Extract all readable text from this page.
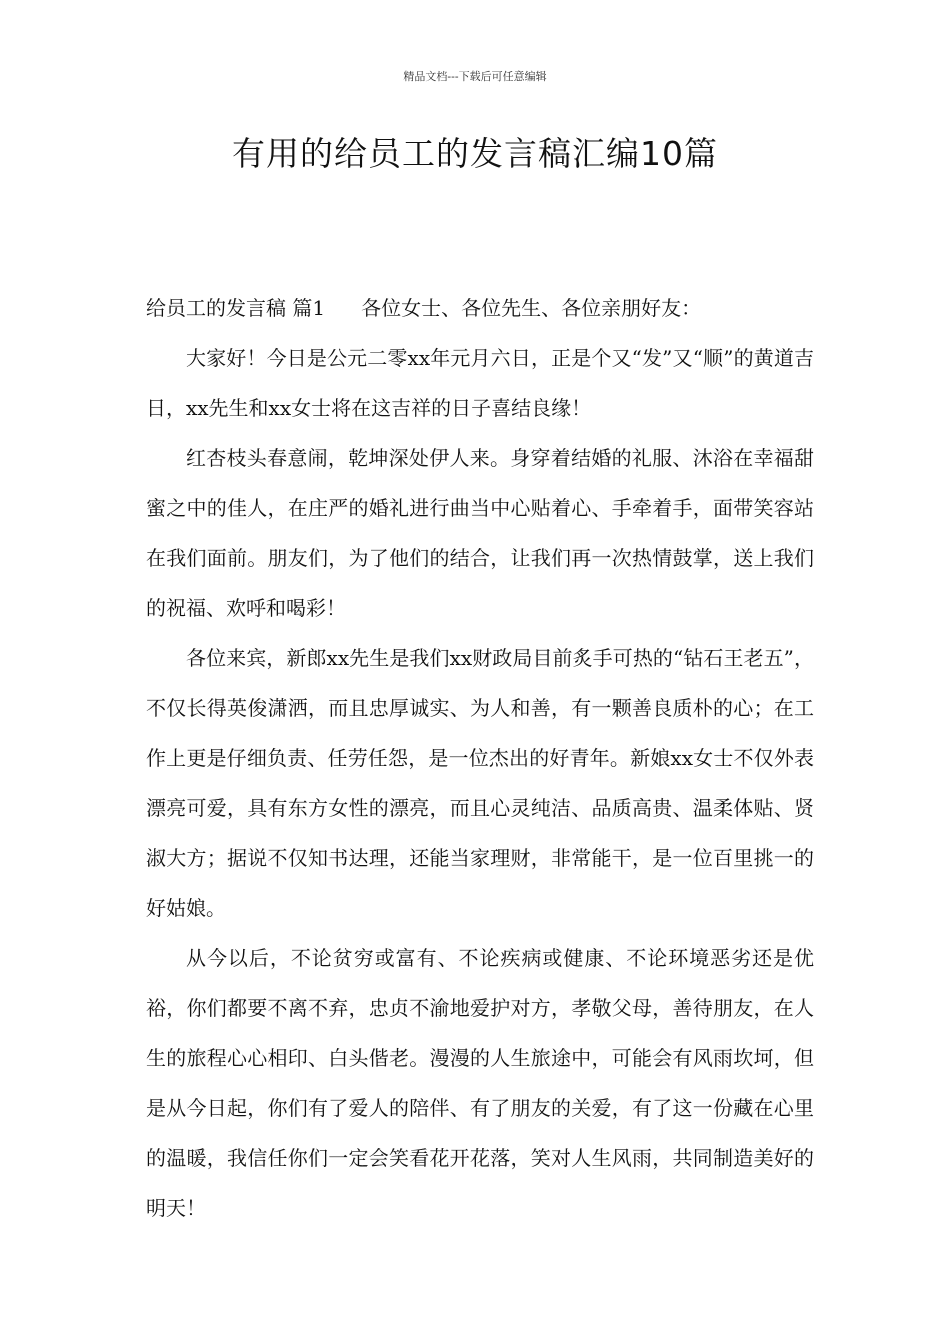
精品文档---下载后可任意编辑
有用的给员工的发言稿汇编10篇

给员工的发言稿 篇1 各位女士、各位先生、各位亲朋好友：

大家好！今日是公元二零xx年元月六日，正是个又“发”又“顺”的黄道吉日，xx先生和xx女士将在这吉祥的日子喜结良缘！

红杏枝头春意闹，乾坤深处伊人来。身穿着结婚的礼服、沐浴在幸福甜蜜之中的佳人，在庄严的婚礼进行曲当中心贴着心、手牵着手，面带笑容站在我们面前。朋友们，为了他们的结合，让我们再一次热情鼓掌，送上我们的祝福、欢呼和喝彩！

各位来宾，新郎xx先生是我们xx财政局目前炙手可热的“钻石王老五”，不仅长得英俊潇洒，而且忠厚诚实、为人和善，有一颗善良质朴的心；在工作上更是仔细负责、任劳任怨，是一位杰出的好青年。新娘xx女士不仅外表漂亮可爱，具有东方女性的漂亮，而且心灵纯洁、品质高贵、温柔体贴、贤淑大方；据说不仅知书达理，还能当家理财，非常能干，是一位百里挑一的好姑娘。

从今以后，不论贫穷或富有、不论疾病或健康、不论环境恶劣还是优裕，你们都要不离不弃，忠贞不渝地爱护对方，孝敬父母，善待朋友，在人生的旅程心心相印、白头偕老。漫漫的人生旅途中，可能会有风雨坎坷，但是从今日起，你们有了爱人的陪伴、有了朋友的关爱，有了这一份藏在心里的温暖，我信任你们一定会笑看花开花落，笑对人生风雨，共同制造美好的明天！
